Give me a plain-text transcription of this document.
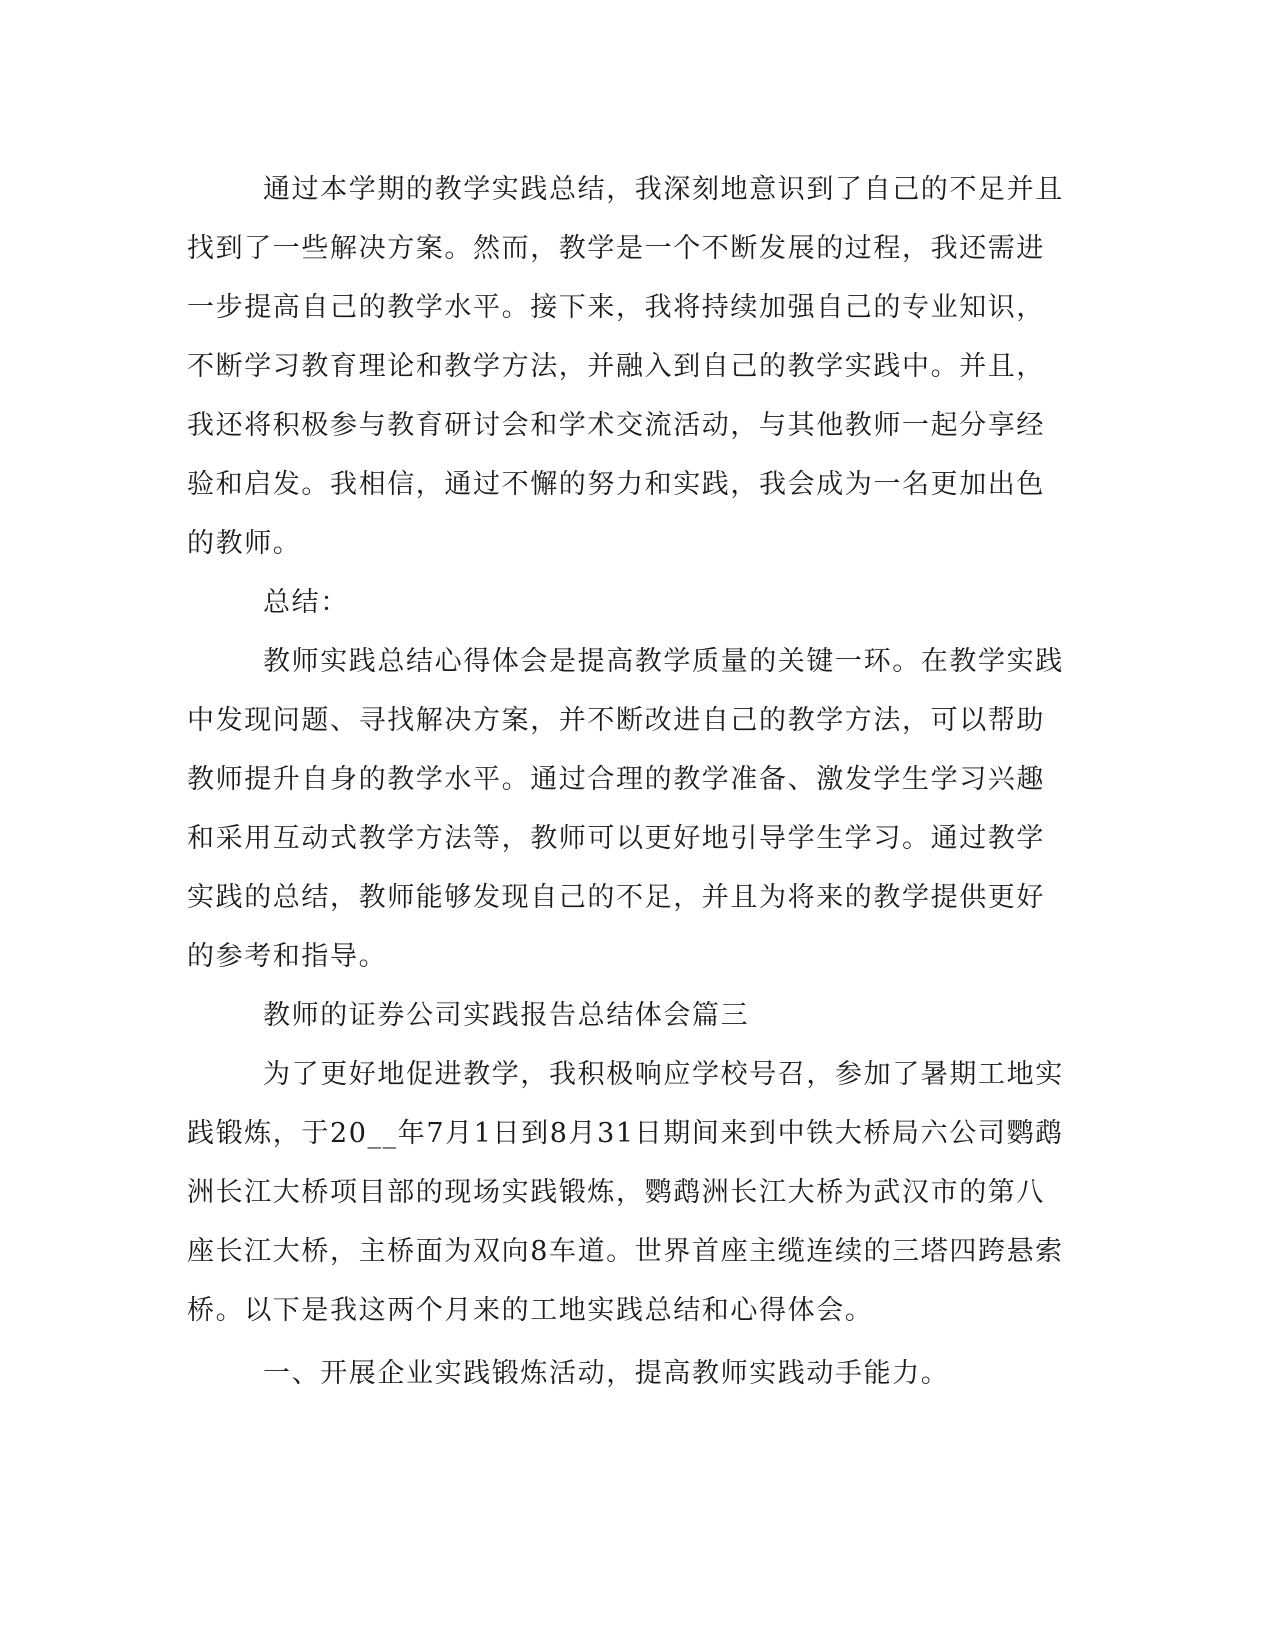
通过本学期的教学实践总结，我深刻地意识到了自己的不足并且找到了一些解决方案。然而，教学是一个不断发展的过程，我还需进一步提高自己的教学水平。接下来，我将持续加强自己的专业知识，不断学习教育理论和教学方法，并融入到自己的教学实践中。并且，我还将积极参与教育研讨会和学术交流活动，与其他教师一起分享经验和启发。我相信，通过不懈的努力和实践，我会成为一名更加出色的教师。

总结：

教师实践总结心得体会是提高教学质量的关键一环。在教学实践中发现问题、寻找解决方案，并不断改进自己的教学方法，可以帮助教师提升自身的教学水平。通过合理的教学准备、激发学生学习兴趣和采用互动式教学方法等，教师可以更好地引导学生学习。通过教学实践的总结，教师能够发现自己的不足，并且为将来的教学提供更好的参考和指导。

教师的证券公司实践报告总结体会篇三

为了更好地促进教学，我积极响应学校号召，参加了暑期工地实践锻炼，于20__年7月1日到8月31日期间来到中铁大桥局六公司鹦鹉洲长江大桥项目部的现场实践锻炼，鹦鹉洲长江大桥为武汉市的第八座长江大桥，主桥面为双向8车道。世界首座主缆连续的三塔四跨悬索桥。以下是我这两个月来的工地实践总结和心得体会。

一、开展企业实践锻炼活动，提高教师实践动手能力。
